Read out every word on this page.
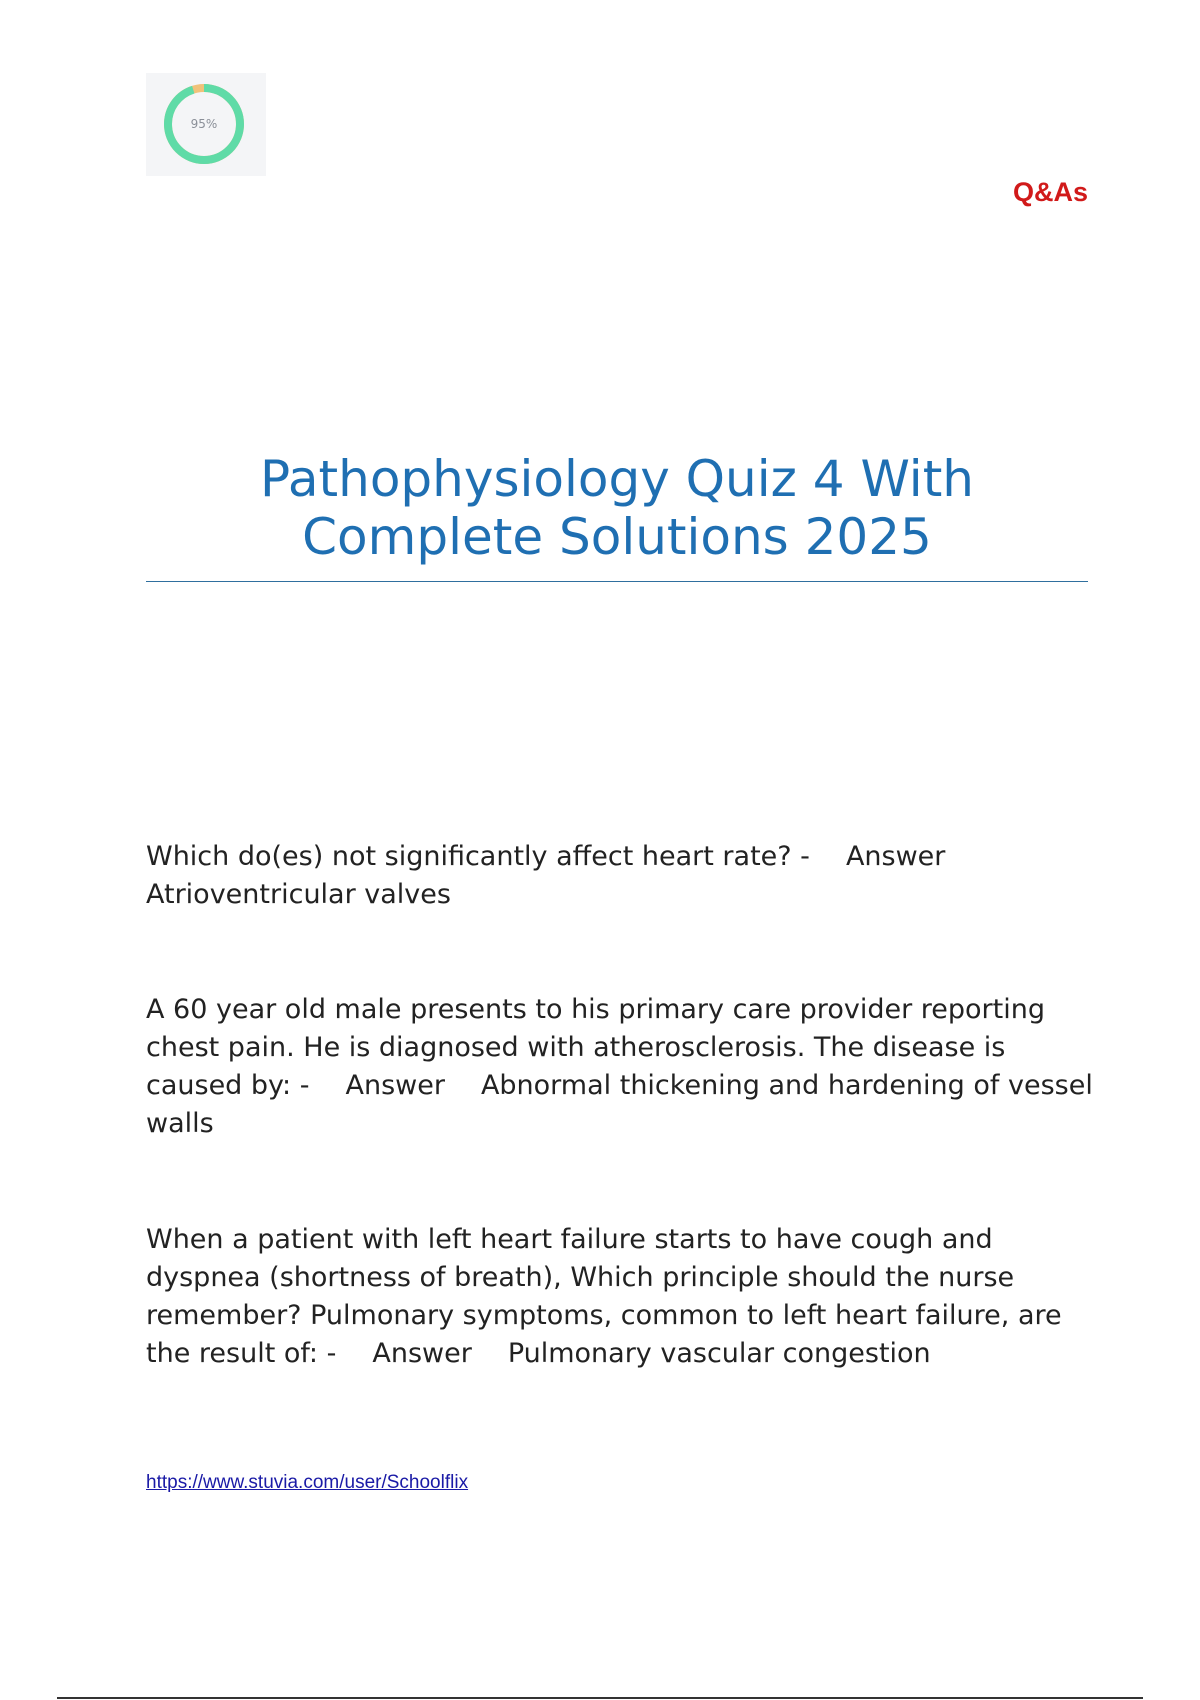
95%
Q&As
Pathophysiology Quiz 4 With
Complete Solutions 2025
Which do(es) not significantly affect heart rate? - AnswerAtrioventricular valves
A 60 year old male presents to his primary care provider reporting chest pain. He is diagnosed with atherosclerosis. The disease is caused by: - Answer Abnormal thickening and hardening of vessel walls
When a patient with left heart failure starts to have cough and dyspnea (shortness of breath), Which principle should the nurse remember? Pulmonary symptoms, common to left heart failure, are the result of: - Answer Pulmonary vascular congestion
https://www.stuvia.com/user/Schoolflix
